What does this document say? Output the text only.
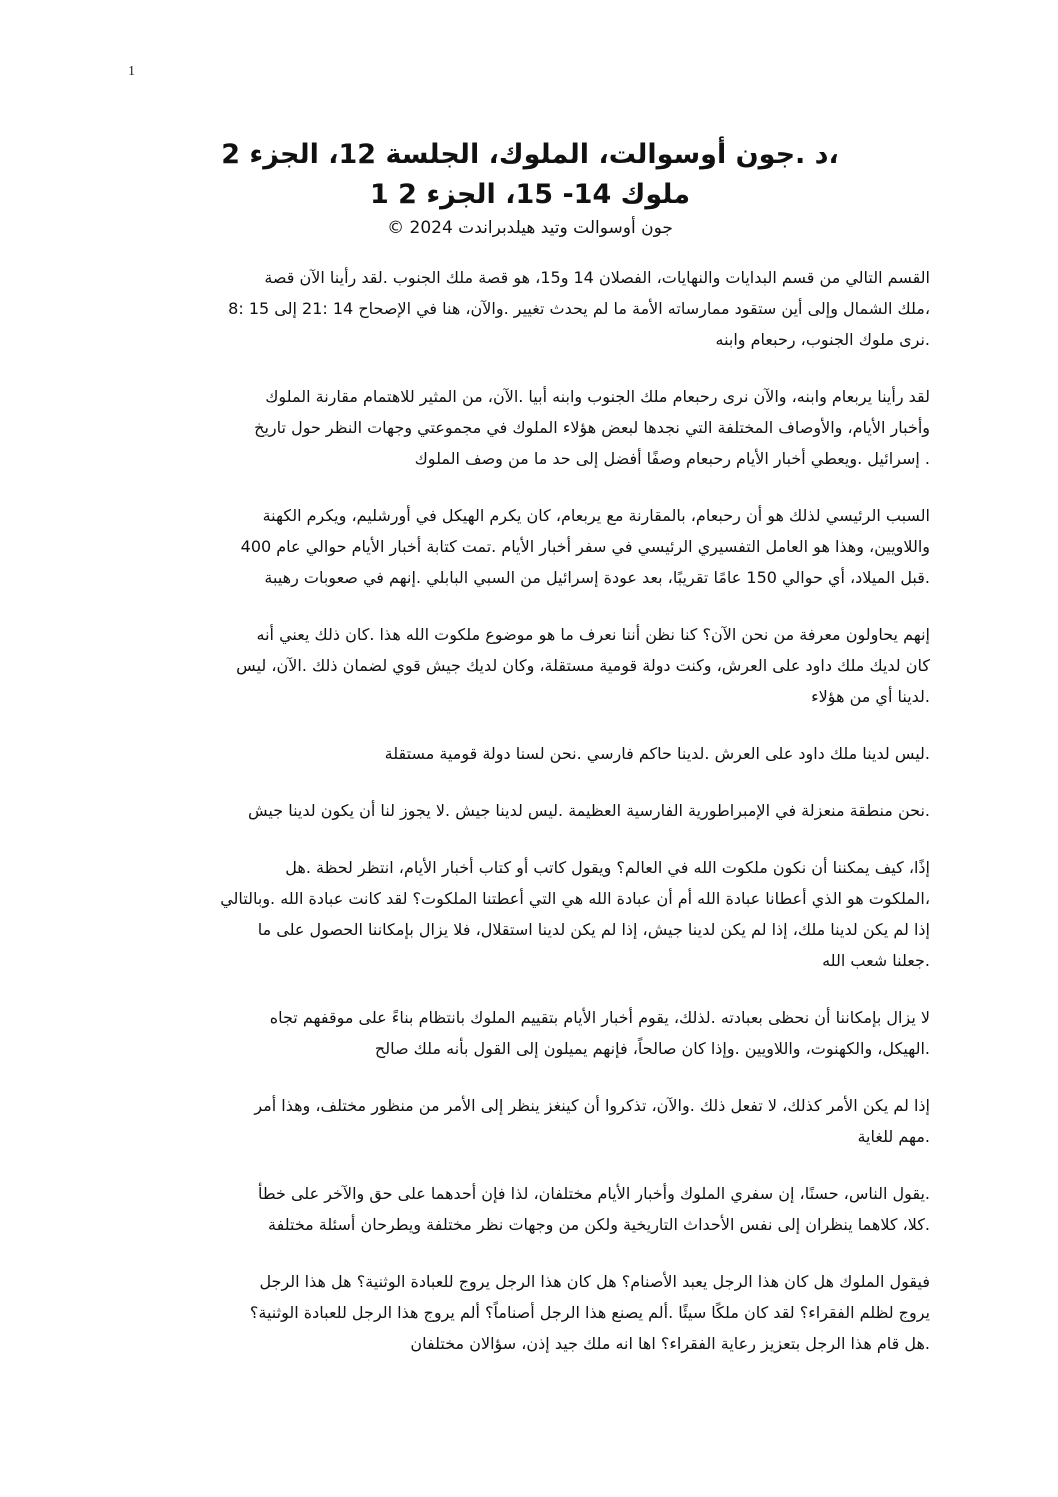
1

،د .جون أوسوالت، الملوك، الجلسة 12، الجزء 2

ملوك 14- 15، الجزء 2 1

جون أوسوالت وتيد هيلدبراندت 2024 ©

القسم التالي من قسم البدايات والنهايات، الفصلان 14 و15، هو قصة ملك الجنوب .لقد رأينا الآن قصة
،ملك الشمال وإلى أين ستقود ممارساته الأمة ما لم يحدث تغيير .والآن، هنا في الإصحاح 14 :21 إلى 15 :8
.نرى ملوك الجنوب، رحبعام وابنه
لقد رأينا يربعام وابنه، والآن نرى رحبعام ملك الجنوب وابنه أبيا .الآن، من المثير للاهتمام مقارنة الملوك
وأخبار الأيام، والأوصاف المختلفة التي نجدها لبعض هؤلاء الملوك في مجموعتي وجهات النظر حول تاريخ
. إسرائيل .ويعطي أخبار الأيام رحبعام وصفًا أفضل إلى حد ما من وصف الملوك
السبب الرئيسي لذلك هو أن رحبعام، بالمقارنة مع يربعام، كان يكرم الهيكل في أورشليم، ويكرم الكهنة
واللاويين، وهذا هو العامل التفسيري الرئيسي في سفر أخبار الأيام .تمت كتابة أخبار الأيام حوالي عام 400
.قبل الميلاد، أي حوالي 150 عامًا تقريبًا، بعد عودة إسرائيل من السبي البابلي .إنهم في صعوبات رهيبة
إنهم يحاولون معرفة من نحن الآن؟ كنا نظن أننا نعرف ما هو موضوع ملكوت الله هذا .كان ذلك يعني أنه
كان لديك ملك داود على العرش، وكنت دولة قومية مستقلة، وكان لديك جيش قوي لضمان ذلك .الآن، ليس
.لدينا أي من هؤلاء
.ليس لدينا ملك داود على العرش .لدينا حاكم فارسي .نحن لسنا دولة قومية مستقلة
.نحن منطقة منعزلة في الإمبراطورية الفارسية العظيمة .ليس لدينا جيش .لا يجوز لنا أن يكون لدينا جيش
إذًا، كيف يمكننا أن نكون ملكوت الله في العالم؟ ويقول كاتب أو كتاب أخبار الأيام، انتظر لحظة .هل
،الملكوت هو الذي أعطانا عبادة الله أم أن عبادة الله هي التي أعطتنا الملكوت؟ لقد كانت عبادة الله .وبالتالي
إذا لم يكن لدينا ملك، إذا لم يكن لدينا جيش، إذا لم يكن لدينا استقلال، فلا يزال بإمكاننا الحصول على ما
.جعلنا شعب الله
لا يزال بإمكاننا أن نحظى بعبادته .لذلك، يقوم أخبار الأيام بتقييم الملوك بانتظام بناءً على موقفهم تجاه
.الهيكل، والكهنوت، واللاويين .وإذا كان صالحاً، فإنهم يميلون إلى القول بأنه ملك صالح
إذا لم يكن الأمر كذلك، لا تفعل ذلك .والآن، تذكروا أن كينغز ينظر إلى الأمر من منظور مختلف، وهذا أمر
.مهم للغاية
.يقول الناس، حسنًا، إن سفري الملوك وأخبار الأيام مختلفان، لذا فإن أحدهما على حق والآخر على خطأ
.كلا، كلاهما ينظران إلى نفس الأحداث التاريخية ولكن من وجهات نظر مختلفة ويطرحان أسئلة مختلفة
فيقول الملوك هل كان هذا الرجل يعبد الأصنام؟ هل كان هذا الرجل يروج للعبادة الوثنية؟ هل هذا الرجل
يروج لظلم الفقراء؟ لقد كان ملكًا سيئًا .ألم يصنع هذا الرجل أصناماً؟ ألم يروج هذا الرجل للعبادة الوثنية؟
.هل قام هذا الرجل بتعزيز رعاية الفقراء؟ اها انه ملك جيد إذن، سؤالان مختلفان
